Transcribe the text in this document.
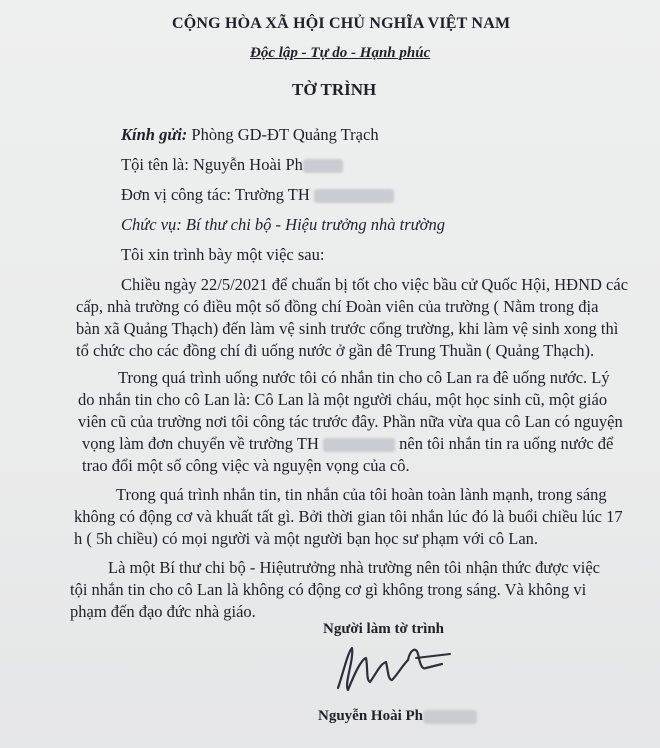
CỘNG HÒA XÃ HỘI CHỦ NGHĨA VIỆT NAM
Độc lập - Tự do - Hạnh phúc
TỜ TRÌNH
Kính gửi: Phòng GD-ĐT Quảng Trạch
Tội tên là: Nguyễn Hoài Ph
Đơn vị công tác: Trường TH
Chức vụ: Bí thư chi bộ - Hiệu trưởng nhà trường
Tôi xin trình bày một việc sau:
Chiều ngày 22/5/2021 để chuẩn bị tốt cho việc bầu cử Quốc Hội, HĐND các
cấp, nhà trường có điều một số đồng chí Đoàn viên của trường ( Nằm trong địa
bàn xã Quảng Thạch) đến làm vệ sinh trước cổng trường, khi làm vệ sinh xong thì
tổ chức cho các đồng chí đi uống nước ở gần đê Trung Thuần ( Quảng Thạch).
Trong quá trình uống nước tôi có nhắn tin cho cô Lan ra đê uống nước. Lý
do nhắn tin cho cô Lan là: Cô Lan là một người cháu, một học sinh cũ, một giáo
viên cũ của trường nơi tôi công tác trước đây. Phần nữa vừa qua cô Lan có nguyện
vọng làm đơn chuyển về trường TH	nên tôi nhắn tin ra uống nước để
trao đổi một số công việc và nguyện vọng của cô.
Trong quá trình nhắn tin, tin nhắn của tôi hoàn toàn lành mạnh, trong sáng
không có động cơ và khuất tất gì. Bởi thời gian tôi nhắn lúc đó là buổi chiều lúc 17
h ( 5h chiều) có mọi người và một người bạn học sư phạm với cô Lan.
Là một Bí thư chi bộ - Hiệutrưởng nhà trường nên tôi nhận thức được việc
tội nhắn tin cho cô Lan là không có động cơ gì không trong sáng. Và không vi
phạm đến đạo đức nhà giáo.
Người làm tờ trình
Nguyễn Hoài Ph
